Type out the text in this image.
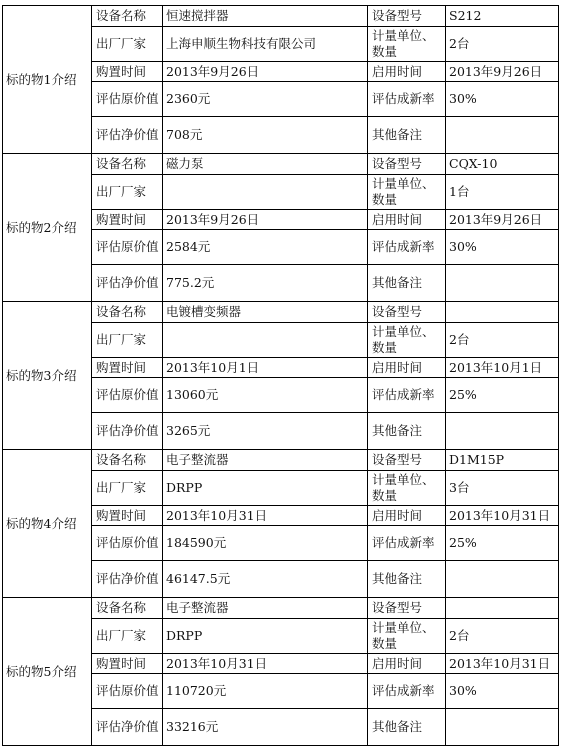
标的物1介绍	设备名称	恒速搅拌器	设备型号	S212
	出厂厂家	上海申顺生物科技有限公司	计量单位、数量	2台
	购置时间	2013年9月26日	启用时间	2013年9月26日
	评估原价值	2360元	评估成新率	30%
	评估净价值	708元	其他备注	
标的物2介绍	设备名称	磁力泵	设备型号	CQX-10
	出厂厂家		计量单位、数量	1台
	购置时间	2013年9月26日	启用时间	2013年9月26日
	评估原价值	2584元	评估成新率	30%
	评估净价值	775.2元	其他备注	
标的物3介绍	设备名称	电镀槽变频器	设备型号	
	出厂厂家		计量单位、数量	2台
	购置时间	2013年10月1日	启用时间	2013年10月1日
	评估原价值	13060元	评估成新率	25%
	评估净价值	3265元	其他备注	
标的物4介绍	设备名称	电子整流器	设备型号	D1M15P
	出厂厂家	DRPP	计量单位、数量	3台
	购置时间	2013年10月31日	启用时间	2013年10月31日
	评估原价值	184590元	评估成新率	25%
	评估净价值	46147.5元	其他备注	
标的物5介绍	设备名称	电子整流器	设备型号	
	出厂厂家	DRPP	计量单位、数量	2台
	购置时间	2013年10月31日	启用时间	2013年10月31日
	评估原价值	110720元	评估成新率	30%
	评估净价值	33216元	其他备注	
